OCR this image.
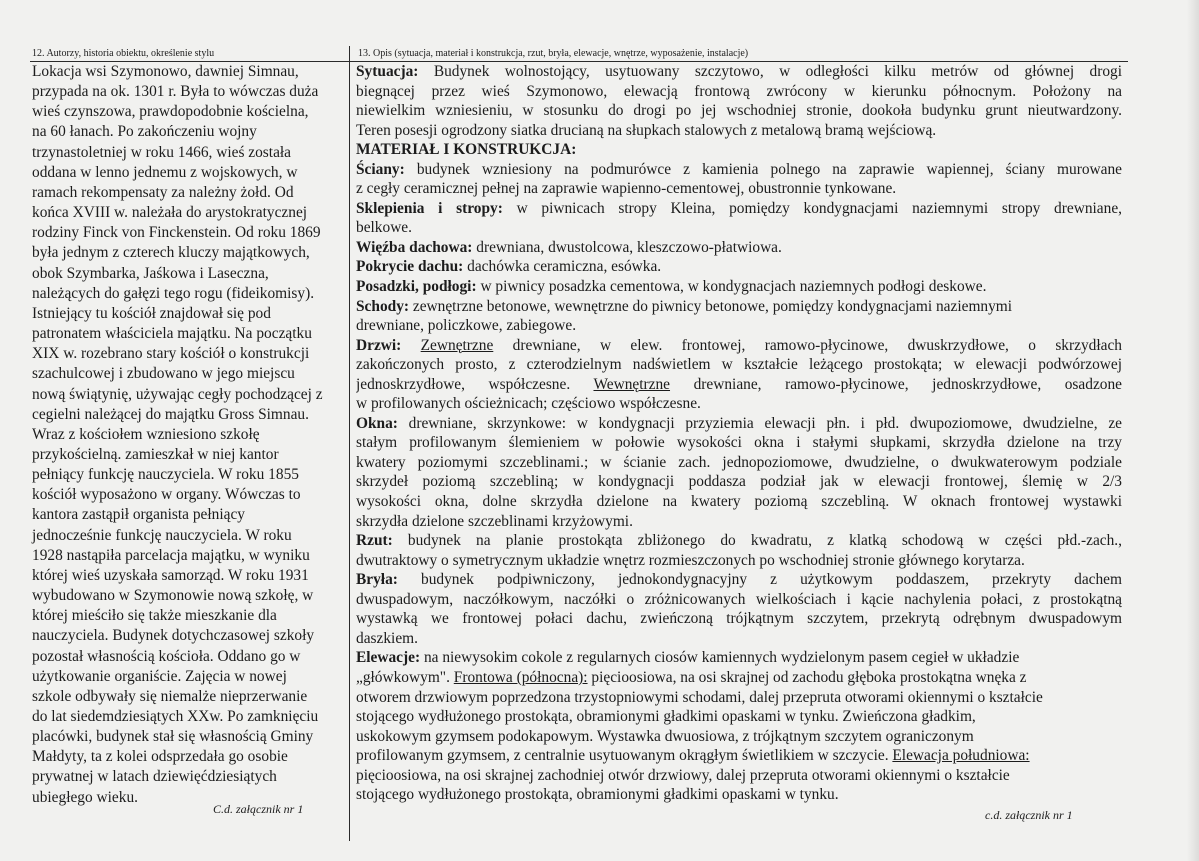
12. Autorzy, historia obiektu, określenie stylu	13. Opis (sytuacja, materiał i konstrukcja, rzut, bryła, elewacje, wnętrze, wyposażenie, instalacje)
Lokacja wsi Szymonowo, dawniej Simnau,
przypada na ok. 1301 r. Była to wówczas duża
wieś czynszowa, prawdopodobnie kościelna,
na 60 łanach. Po zakończeniu wojny
trzynastoletniej w roku 1466, wieś została
oddana w lenno jednemu z wojskowych, w
ramach rekompensaty za należny żołd. Od
końca XVIII w. należała do arystokratycznej
rodziny Finck von Finckenstein. Od roku 1869
była jednym z czterech kluczy majątkowych,
obok Szymbarka, Jaśkowa i Laseczna,
należących do gałęzi tego rogu (fideikomisy).
Istniejący tu kościół znajdował się pod
patronatem właściciela majątku. Na początku
XIX w. rozebrano stary kościół o konstrukcji
szachulcowej i zbudowano w jego miejscu
nową świątynię, używając cegły pochodzącej z
cegielni należącej do majątku Gross Simnau.
Wraz z kościołem wzniesiono szkołę
przykościelną. zamieszkał w niej kantor
pełniący funkcję nauczyciela. W roku 1855
kościół wyposażono w organy. Wówczas to
kantora zastąpił organista pełniący
jednocześnie funkcję nauczyciela. W roku
1928 nastąpiła parcelacja majątku, w wyniku
której wieś uzyskała samorząd. W roku 1931
wybudowano w Szymonowie nową szkołę, w
której mieściło się także mieszkanie dla
nauczyciela. Budynek dotychczasowej szkoły
pozostał własnością kościoła. Oddano go w
użytkowanie organiście. Zajęcia w nowej
szkole odbywały się niemalże nieprzerwanie
do lat siedemdziesiątych XXw. Po zamknięciu
placówki, budynek stał się własnością Gminy
Małdyty, ta z kolei odsprzedała go osobie
prywatnej w latach dziewięćdziesiątych
ubiegłego wieku.
C.d. załącznik nr 1
Sytuacja: Budynek wolnostojący, usytuowany szczytowo, w odległości kilku metrów od głównej drogi
biegnącej przez wieś Szymonowo, elewacją frontową zwrócony w kierunku północnym. Położony na
niewielkim wzniesieniu, w stosunku do drogi po jej wschodniej stronie, dookoła budynku grunt nieutwardzony.
Teren posesji ogrodzony siatka drucianą na słupkach stalowych z metalową bramą wejściową.
MATERIAŁ I KONSTRUKCJA:
Ściany: budynek wzniesiony na podmurówce z kamienia polnego na zaprawie wapiennej, ściany murowane
z cegły ceramicznej pełnej na zaprawie wapienno-cementowej, obustronnie tynkowane.
Sklepienia i stropy: w piwnicach stropy Kleina, pomiędzy kondygnacjami naziemnymi stropy drewniane,
belkowe.
Więźba dachowa: drewniana, dwustolcowa, kleszczowo-płatwiowa.
Pokrycie dachu: dachówka ceramiczna, esówka.
Posadzki, podłogi: w piwnicy posadzka cementowa, w kondygnacjach naziemnych podłogi deskowe.
Schody: zewnętrzne betonowe, wewnętrzne do piwnicy betonowe, pomiędzy kondygnacjami naziemnymi
drewniane, policzkowe, zabiegowe.
Drzwi: Zewnętrzne drewniane, w elew. frontowej, ramowo-płycinowe, dwuskrzydłowe, o skrzydłach
zakończonych prosto, z czterodzielnym nadświetlem w kształcie leżącego prostokąta; w elewacji podwórzowej
jednoskrzydłowe, współczesne. Wewnętrzne drewniane, ramowo-płycinowe, jednoskrzydłowe, osadzone
w profilowanych ościeżnicach; częściowo współczesne.
Okna: drewniane, skrzynkowe: w kondygnacji przyziemia elewacji płn. i płd. dwupoziomowe, dwudzielne, ze
stałym profilowanym ślemieniem w połowie wysokości okna i stałymi słupkami, skrzydła dzielone na trzy
kwatery poziomymi szczeblinami.; w ścianie zach. jednopoziomowe, dwudzielne, o dwukwaterowym podziale
skrzydeł poziomą szczebliną; w kondygnacji poddasza podział jak w elewacji frontowej, ślemię w 2/3
wysokości okna, dolne skrzydła dzielone na kwatery poziomą szczebliną. W oknach frontowej wystawki
skrzydła dzielone szczeblinami krzyżowymi.
Rzut: budynek na planie prostokąta zbliżonego do kwadratu, z klatką schodową w części płd.-zach.,
dwutraktowy o symetrycznym układzie wnętrz rozmieszczonych po wschodniej stronie głównego korytarza.
Bryła: budynek podpiwniczony, jednokondygnacyjny z użytkowym poddaszem, przekryty dachem
dwuspadowym, naczółkowym, naczółki o zróżnicowanych wielkościach i kącie nachylenia połaci, z prostokątną
wystawką we frontowej połaci dachu, zwieńczoną trójkątnym szczytem, przekrytą odrębnym dwuspadowym
daszkiem.
Elewacje: na niewysokim cokole z regularnych ciosów kamiennych wydzielonym pasem cegieł w układzie
„główkowym". Frontowa (północna): pięcioosiowa, na osi skrajnej od zachodu głęboka prostokątna wnęka z
otworem drzwiowym poprzedzona trzystopniowymi schodami, dalej przepruta otworami okiennymi o kształcie
stojącego wydłużonego prostokąta, obramionymi gładkimi opaskami w tynku. Zwieńczona gładkim,
uskokowym gzymsem podokapowym. Wystawka dwuosiowa, z trójkątnym szczytem ograniczonym
profilowanym gzymsem, z centralnie usytuowanym okrągłym świetlikiem w szczycie. Elewacja południowa:
pięcioosiowa, na osi skrajnej zachodniej otwór drzwiowy, dalej przepruta otworami okiennymi o kształcie
stojącego wydłużonego prostokąta, obramionymi gładkimi opaskami w tynku.
c.d. załącznik nr 1
